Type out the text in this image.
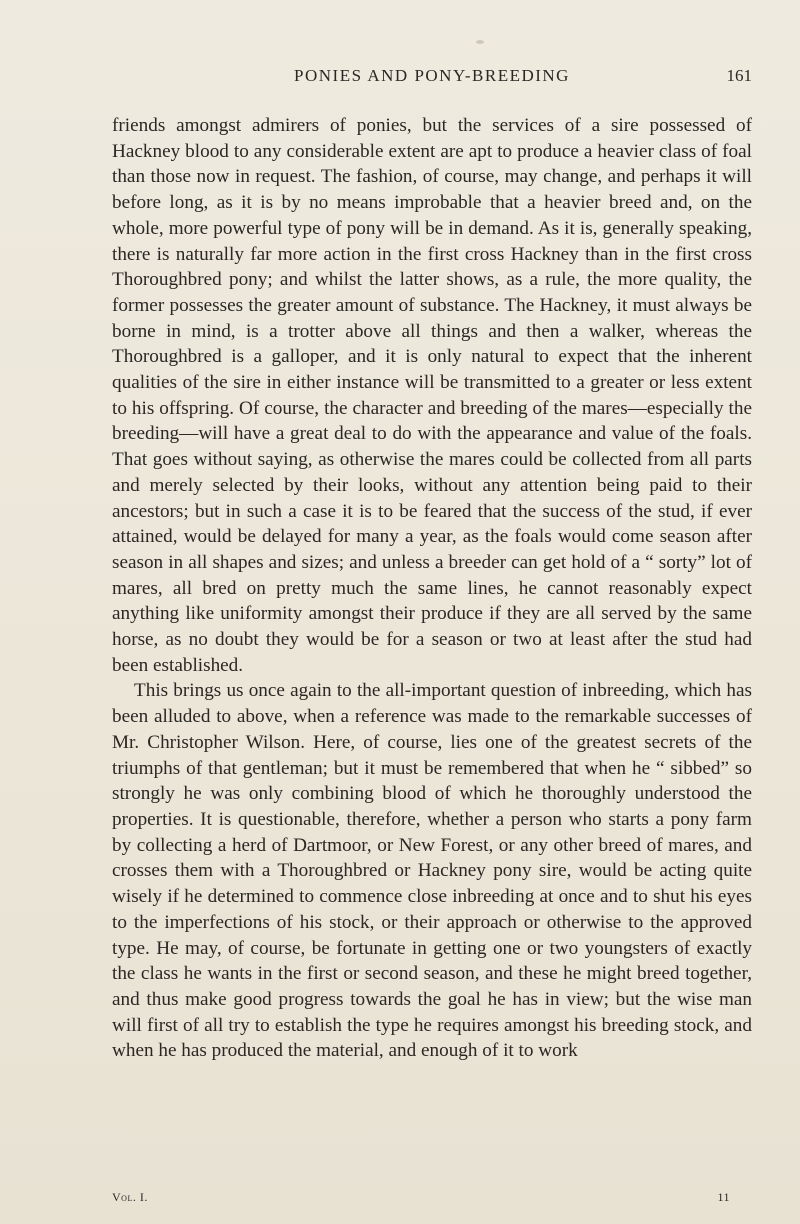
PONIES AND PONY-BREEDING	161

friends amongst admirers of ponies, but the services of a sire possessed of Hackney blood to any considerable extent are apt to produce a heavier class of foal than those now in request. The fashion, of course, may change, and perhaps it will before long, as it is by no means improbable that a heavier breed and, on the whole, more powerful type of pony will be in demand. As it is, generally speaking, there is naturally far more action in the first cross Hackney than in the first cross Thoroughbred pony; and whilst the latter shows, as a rule, the more quality, the former possesses the greater amount of substance. The Hackney, it must always be borne in mind, is a trotter above all things and then a walker, whereas the Thoroughbred is a galloper, and it is only natural to expect that the inherent qualities of the sire in either instance will be transmitted to a greater or less extent to his offspring. Of course, the character and breeding of the mares—especially the breeding—will have a great deal to do with the appearance and value of the foals. That goes without saying, as otherwise the mares could be collected from all parts and merely selected by their looks, without any attention being paid to their ancestors; but in such a case it is to be feared that the success of the stud, if ever attained, would be delayed for many a year, as the foals would come season after season in all shapes and sizes; and unless a breeder can get hold of a “ sorty” lot of mares, all bred on pretty much the same lines, he cannot reasonably expect anything like uniformity amongst their produce if they are all served by the same horse, as no doubt they would be for a season or two at least after the stud had been established.

This brings us once again to the all-important question of inbreeding, which has been alluded to above, when a reference was made to the remarkable successes of Mr. Christopher Wilson. Here, of course, lies one of the greatest secrets of the triumphs of that gentleman; but it must be remembered that when he “ sibbed” so strongly he was only combining blood of which he thoroughly understood the properties. It is questionable, therefore, whether a person who starts a pony farm by collecting a herd of Dartmoor, or New Forest, or any other breed of mares, and crosses them with a Thoroughbred or Hackney pony sire, would be acting quite wisely if he determined to commence close inbreeding at once and to shut his eyes to the imperfections of his stock, or their approach or otherwise to the approved type. He may, of course, be fortunate in getting one or two youngsters of exactly the class he wants in the first or second season, and these he might breed together, and thus make good progress towards the goal he has in view; but the wise man will first of all try to establish the type he requires amongst his breeding stock, and when he has produced the material, and enough of it to work

Vol. I.	11
